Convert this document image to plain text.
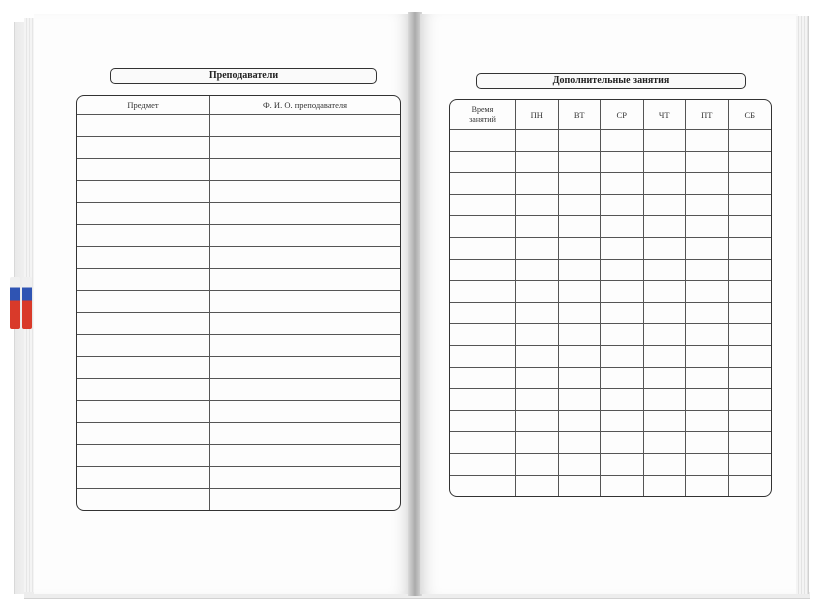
Преподаватели
Предмет	Ф. И. О. преподавателя

Дополнительные занятия
Время
занятий	ПН	ВТ	СР	ЧТ	ПТ	СБ
